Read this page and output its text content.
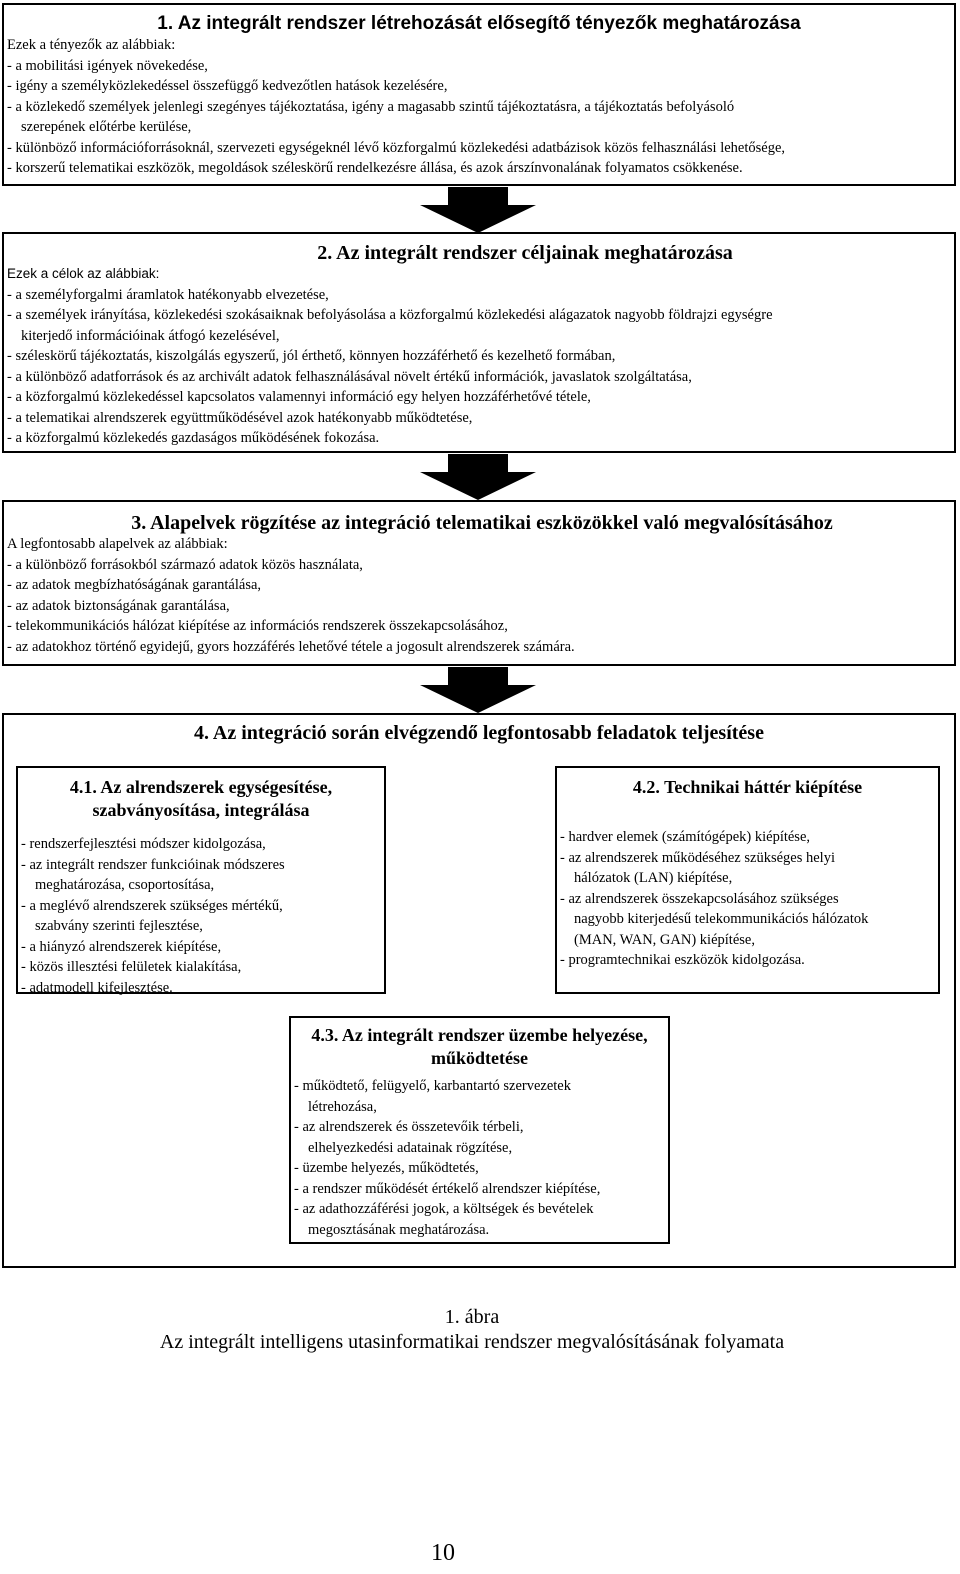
1. Az integrált rendszer létrehozását elősegítő tényezők meghatározása
Ezek a tényezők az alábbiak:
- a mobilitási igények növekedése,
- igény a személyközlekedéssel összefüggő kedvezőtlen hatások kezelésére,
- a közlekedő személyek jelenlegi szegényes tájékoztatása, igény a magasabb szintű tájékoztatásra, a tájékoztatás befolyásoló
szerepének előtérbe kerülése,
- különböző információforrásoknál, szervezeti egységeknél lévő közforgalmú közlekedési adatbázisok közös felhasználási lehetősége,
- korszerű telematikai eszközök, megoldások széleskörű rendelkezésre állása, és azok árszínvonalának folyamatos csökkenése.
2. Az integrált rendszer céljainak meghatározása
Ezek a célok az alábbiak:
- a személyforgalmi áramlatok hatékonyabb elvezetése,
- a személyek irányítása, közlekedési szokásaiknak befolyásolása a közforgalmú közlekedési alágazatok nagyobb földrajzi egységre
kiterjedő információinak átfogó kezelésével,
- széleskörű tájékoztatás, kiszolgálás egyszerű, jól érthető, könnyen hozzáférhető és kezelhető formában,
- a különböző adatforrások és az archivált adatok felhasználásával növelt értékű információk, javaslatok szolgáltatása,
- a közforgalmú közlekedéssel kapcsolatos valamennyi információ egy helyen hozzáférhetővé tétele,
- a telematikai alrendszerek együttműködésével azok hatékonyabb működtetése,
- a közforgalmú közlekedés gazdaságos működésének fokozása.
3. Alapelvek rögzítése az integráció telematikai eszközökkel való megvalósításához
A legfontosabb alapelvek az alábbiak:
- a különböző forrásokból származó adatok közös használata,
- az adatok megbízhatóságának garantálása,
- az adatok biztonságának garantálása,
- telekommunikációs hálózat kiépítése az információs rendszerek összekapcsolásához,
- az adatokhoz történő egyidejű, gyors hozzáférés lehetővé tétele a jogosult alrendszerek számára.
4. Az integráció során elvégzendő legfontosabb feladatok teljesítése
4.1. Az alrendszerek egységesítése,
szabványosítása, integrálása
- rendszerfejlesztési módszer kidolgozása,
- az integrált rendszer funkcióinak módszeres
meghatározása, csoportosítása,
- a meglévő alrendszerek szükséges mértékű,
szabvány szerinti fejlesztése,
- a hiányzó alrendszerek kiépítése,
- közös illesztési felületek kialakítása,
- adatmodell kifejlesztése.
4.2. Technikai háttér kiépítése
- hardver elemek (számítógépek) kiépítése,
- az alrendszerek működéséhez szükséges helyi
hálózatok (LAN) kiépítése,
- az alrendszerek összekapcsolásához szükséges
nagyobb kiterjedésű telekommunikációs hálózatok
(MAN, WAN, GAN) kiépítése,
- programtechnikai eszközök kidolgozása.
4.3. Az integrált rendszer üzembe helyezése,
működtetése
- működtető, felügyelő, karbantartó szervezetek
létrehozása,
- az alrendszerek és összetevőik térbeli,
elhelyezkedési adatainak rögzítése,
- üzembe helyezés, működtetés,
- a rendszer működését értékelő alrendszer kiépítése,
- az adathozzáférési jogok, a költségek és bevételek
megosztásának meghatározása.
1. ábra
Az integrált intelligens utasinformatikai rendszer megvalósításának folyamata
10
